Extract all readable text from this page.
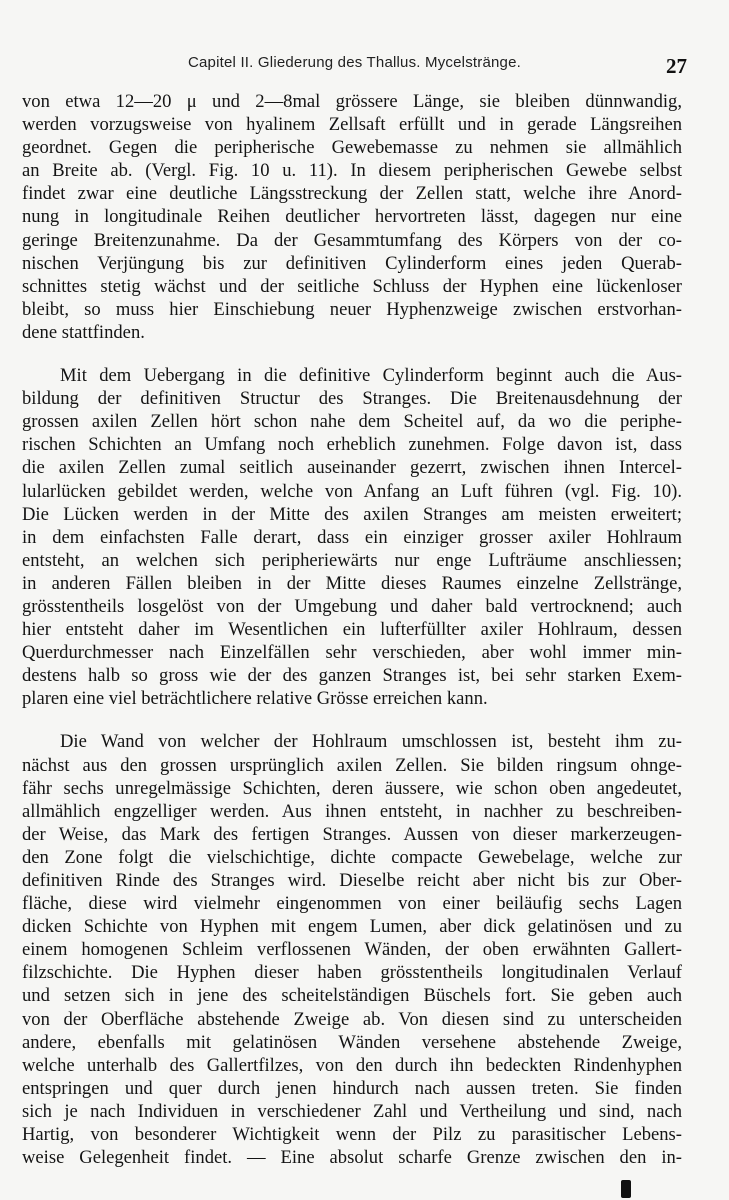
Capitel II. Gliederung des Thallus. Mycelstränge.	27
von etwa 12—20 μ und 2—8mal grössere Länge, sie bleiben dünnwandig,
werden vorzugsweise von hyalinem Zellsaft erfüllt und in gerade Längsreihen
geordnet. Gegen die peripherische Gewebemasse zu nehmen sie allmählich
an Breite ab. (Vergl. Fig. 10 u. 11). In diesem peripherischen Gewebe selbst
findet zwar eine deutliche Längsstreckung der Zellen statt, welche ihre Anord-
nung in longitudinale Reihen deutlicher hervortreten lässt, dagegen nur eine
geringe Breitenzunahme. Da der Gesammtumfang des Körpers von der co-
nischen Verjüngung bis zur definitiven Cylinderform eines jeden Querab-
schnittes stetig wächst und der seitliche Schluss der Hyphen eine lückenloser
bleibt, so muss hier Einschiebung neuer Hyphenzweige zwischen erstvorhan-
dene stattfinden.
Mit dem Uebergang in die definitive Cylinderform beginnt auch die Aus-
bildung der definitiven Structur des Stranges. Die Breitenausdehnung der
grossen axilen Zellen hört schon nahe dem Scheitel auf, da wo die periphe-
rischen Schichten an Umfang noch erheblich zunehmen. Folge davon ist, dass
die axilen Zellen zumal seitlich auseinander gezerrt, zwischen ihnen Intercel-
lularlücken gebildet werden, welche von Anfang an Luft führen (vgl. Fig. 10).
Die Lücken werden in der Mitte des axilen Stranges am meisten erweitert;
in dem einfachsten Falle derart, dass ein einziger grosser axiler Hohlraum
entsteht, an welchen sich peripheriewärts nur enge Lufträume anschliessen;
in anderen Fällen bleiben in der Mitte dieses Raumes einzelne Zellstränge,
grösstentheils losgelöst von der Umgebung und daher bald vertrocknend; auch
hier entsteht daher im Wesentlichen ein lufterfüllter axiler Hohlraum, dessen
Querdurchmesser nach Einzelfällen sehr verschieden, aber wohl immer min-
destens halb so gross wie der des ganzen Stranges ist, bei sehr starken Exem-
plaren eine viel beträchtlichere relative Grösse erreichen kann.
Die Wand von welcher der Hohlraum umschlossen ist, besteht ihm zu-
nächst aus den grossen ursprünglich axilen Zellen. Sie bilden ringsum ohnge-
fähr sechs unregelmässige Schichten, deren äussere, wie schon oben angedeutet,
allmählich engzelliger werden. Aus ihnen entsteht, in nachher zu beschreiben-
der Weise, das Mark des fertigen Stranges. Aussen von dieser markerzeugen-
den Zone folgt die vielschichtige, dichte compacte Gewebelage, welche zur
definitiven Rinde des Stranges wird. Dieselbe reicht aber nicht bis zur Ober-
fläche, diese wird vielmehr eingenommen von einer beiläufig sechs Lagen
dicken Schichte von Hyphen mit engem Lumen, aber dick gelatinösen und zu
einem homogenen Schleim verflossenen Wänden, der oben erwähnten Gallert-
filzschichte. Die Hyphen dieser haben grösstentheils longitudinalen Verlauf
und setzen sich in jene des scheitelständigen Büschels fort. Sie geben auch
von der Oberfläche abstehende Zweige ab. Von diesen sind zu unterscheiden
andere, ebenfalls mit gelatinösen Wänden versehene abstehende Zweige,
welche unterhalb des Gallertfilzes, von den durch ihn bedeckten Rindenhyphen
entspringen und quer durch jenen hindurch nach aussen treten. Sie finden
sich je nach Individuen in verschiedener Zahl und Vertheilung und sind, nach
Hartig, von besonderer Wichtigkeit wenn der Pilz zu parasitischer Lebens-
weise Gelegenheit findet. — Eine absolut scharfe Grenze zwischen den in-
